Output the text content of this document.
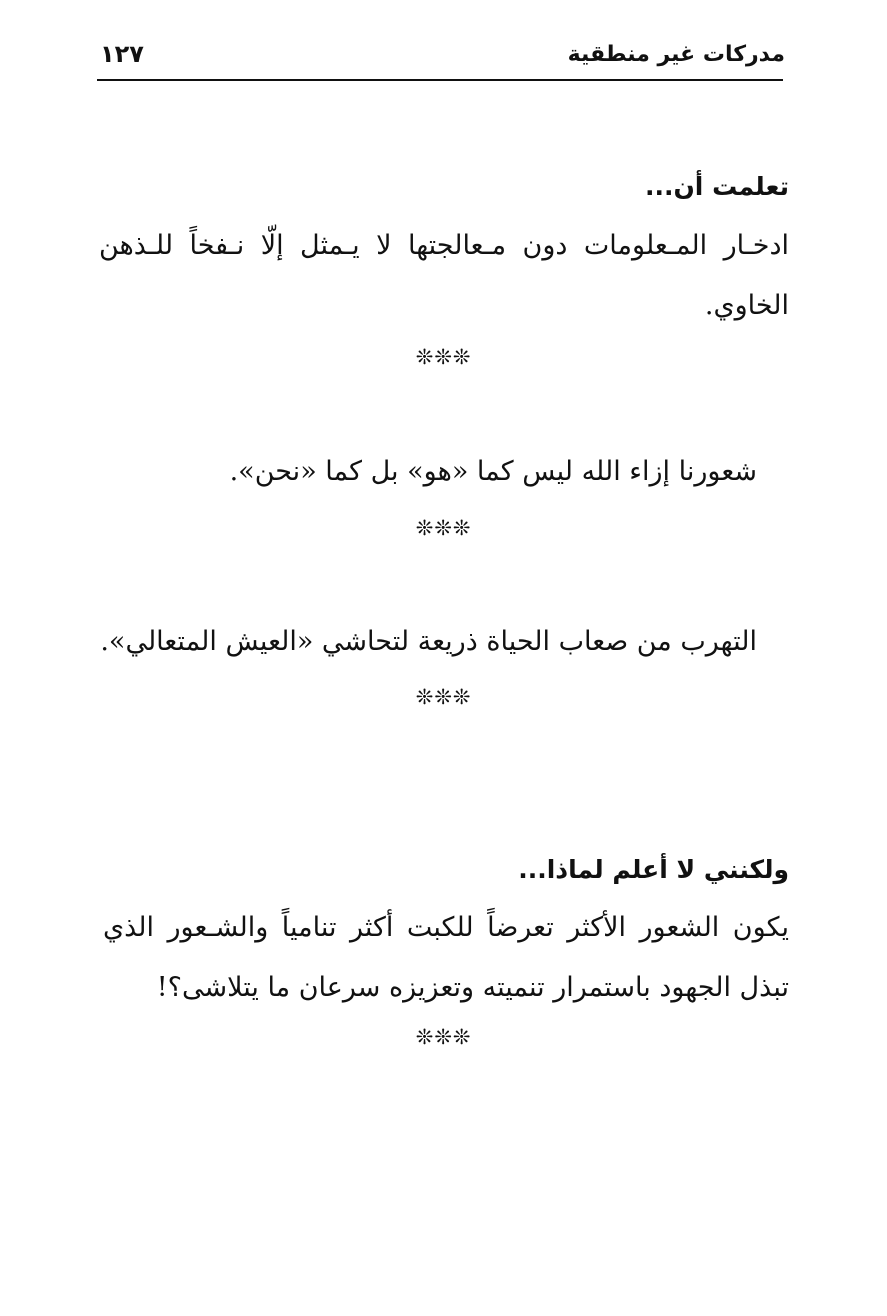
مدركات غير منطقية
١٢٧
تعلمت أن...
ادخـار المـعلومات دون مـعالجتها لا يـمثل إلّا نـفخاً للـذهن
الخاوي.
❊❊❊
شعورنا إزاء الله ليس كما «هو» بل كما «نحن».
❊❊❊
التهرب من صعاب الحياة ذريعة لتحاشي «العيش المتعالي».
❊❊❊
ولكنني لا أعلم لماذا...
يكون الشعور الأكثر تعرضاً للكبت أكثر تنامياً والشـعور الذي
تبذل الجهود باستمرار تنميته وتعزيزه سرعان ما يتلاشى؟!
❊❊❊
